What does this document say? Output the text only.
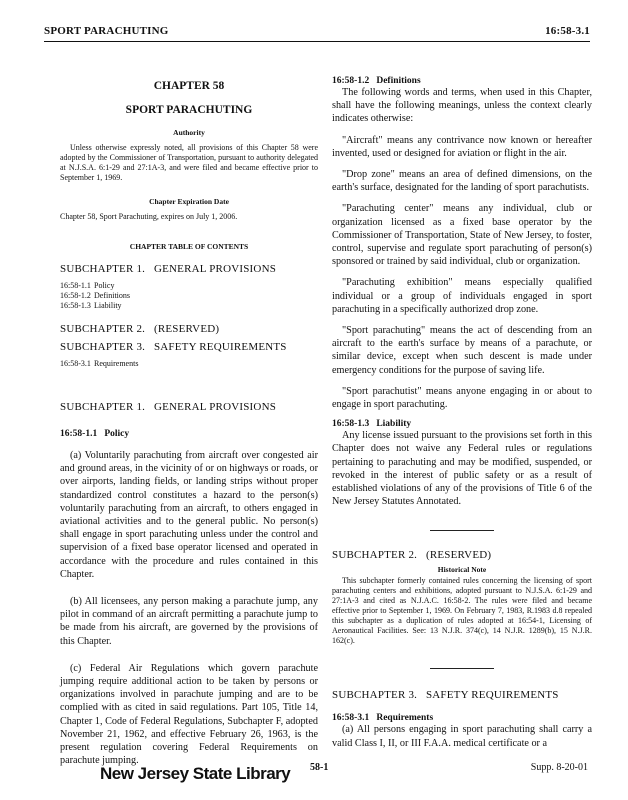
SPORT PARACHUTING	16:58-3.1
CHAPTER 58
SPORT PARACHUTING
Authority
Unless otherwise expressly noted, all provisions of this Chapter 58 were adopted by the Commissioner of Transportation, pursuant to authority delegated at N.J.S.A. 6:1-29 and 27:1A-3, and were filed and became effective prior to September 1, 1969.
Chapter Expiration Date
Chapter 58, Sport Parachuting, expires on July 1, 2006.
CHAPTER TABLE OF CONTENTS
SUBCHAPTER 1.   GENERAL PROVISIONS
16:58-1.1 Policy
16:58-1.2 Definitions
16:58-1.3 Liability
SUBCHAPTER 2.   (RESERVED)
SUBCHAPTER 3.   SAFETY REQUIREMENTS
16:58-3.1 Requirements
SUBCHAPTER 1.   GENERAL PROVISIONS
16:58-1.1   Policy

(a) Voluntarily parachuting from aircraft over congested air and ground areas, in the vicinity of or on highways or roads, or over airports, landing fields, or landing strips without proper standardized control constitutes a hazard to the person(s) voluntarily parachuting from an aircraft, to others engaged in aviational activities and to the general public. No person(s) shall engage in sport parachuting unless under the control and supervision of a fixed base operator licensed and operated in accordance with the procedure and rules contained in this Chapter.

(b) All licensees, any person making a parachute jump, any pilot in command of an aircraft permitting a parachute jump to be made from his aircraft, are governed by the provisions of this Chapter.

(c) Federal Air Regulations which govern parachute jumping require additional action to be taken by persons or organizations involved in parachute jumping and are to be complied with as cited in said regulations. Part 105, Title 14, Chapter 1, Code of Federal Regulations, Subchapter F, adopted November 21, 1962, and effective February 26, 1963, is the present regulation covering Federal Requirements on parachute jumping.

16:58-1.2   Definitions

The following words and terms, when used in this Chapter, shall have the following meanings, unless the context clearly indicates otherwise:

"Aircraft" means any contrivance now known or hereafter invented, used or designed for aviation or flight in the air.

"Drop zone" means an area of defined dimensions, on the earth's surface, designated for the landing of sport parachutists.

"Parachuting center" means any individual, club or organization licensed as a fixed base operator by the Commissioner of Transportation, State of New Jersey, to foster, control, supervise and regulate sport parachuting of person(s) sponsored or trained by said individual, club or organization.

"Parachuting exhibition" means especially qualified individual or a group of individuals engaged in sport parachuting in a specifically authorized drop zone.

"Sport parachuting" means the act of descending from an aircraft to the earth's surface by means of a parachute, or similar device, except when such descent is made under emergency conditions for the purpose of saving life.

"Sport parachutist" means anyone engaging in or about to engage in sport parachuting.

16:58-1.3   Liability

Any license issued pursuant to the provisions set forth in this Chapter does not waive any Federal rules or regulations pertaining to parachuting and may be modified, suspended, or revoked in the interest of public safety or as a result of established violations of any of the provisions of Title 6 of the New Jersey Statutes Annotated.

SUBCHAPTER 2.   (RESERVED)
Historical Note
This subchapter formerly contained rules concerning the licensing of sport parachuting centers and exhibitions, adopted pursuant to N.J.S.A. 6:1-29 and 27:1A-3 and cited as N.J.A.C. 16:58-2. The rules were filed and became effective prior to September 1, 1969. On February 7, 1983, R.1983 d.8 repealed this subchapter as a duplication of rules adopted at 16:54-1, Licensing of Aeronautical Facilities. See: 13 N.J.R. 374(c), 14 N.J.R. 1289(b), 15 N.J.R. 162(c).
SUBCHAPTER 3.   SAFETY REQUIREMENTS
16:58-3.1   Requirements

(a) All persons engaging in sport parachuting shall carry a valid Class I, II, or III F.A.A. medical certificate or a

New Jersey State Library 58-1	Supp. 8-20-01
